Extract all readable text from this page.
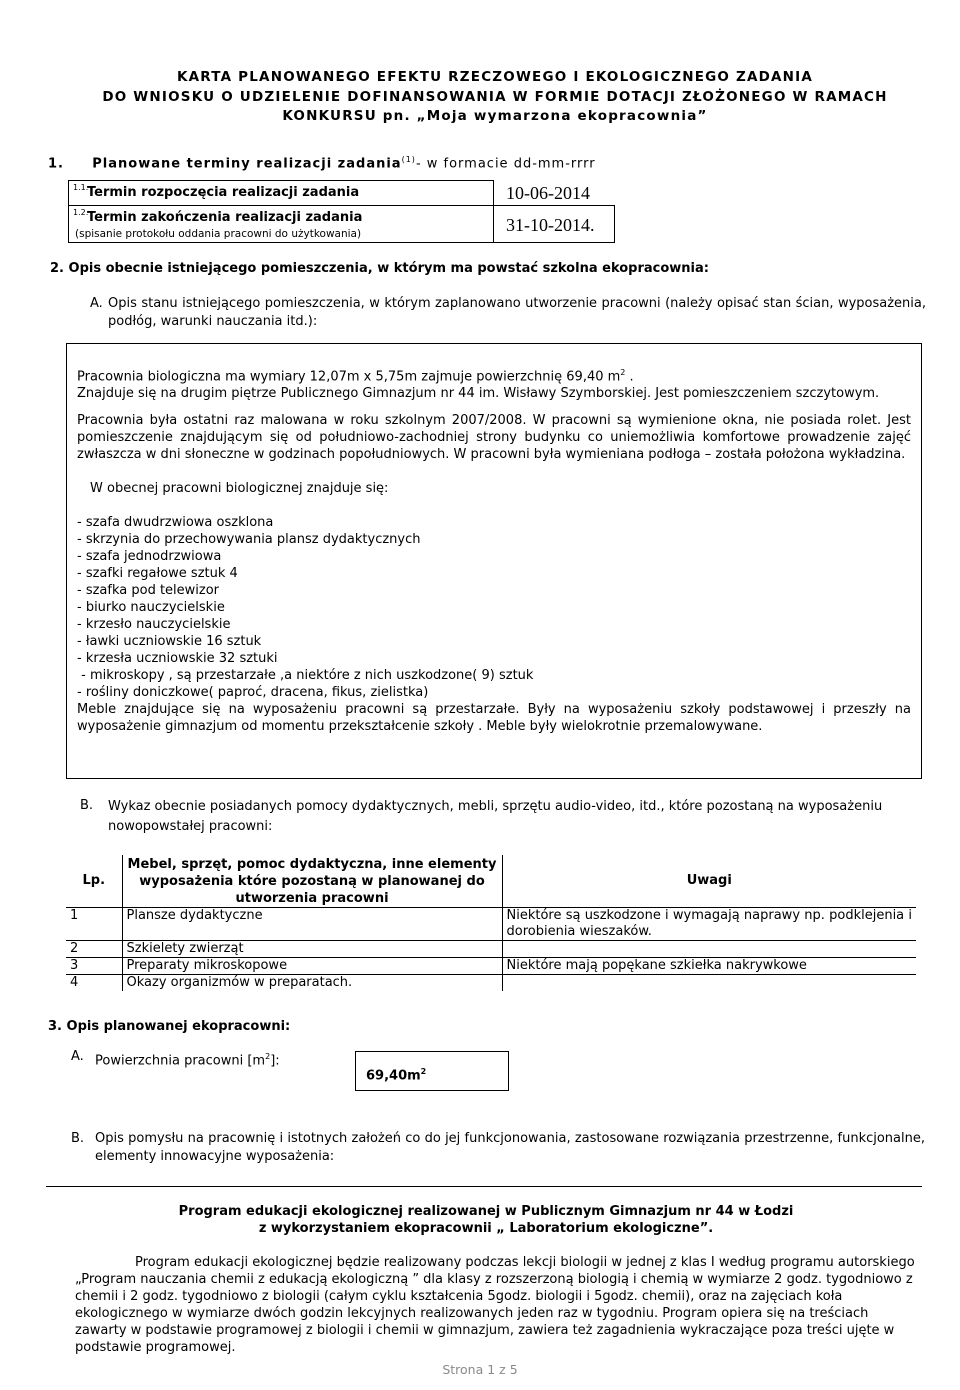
KARTA PLANOWANEGO EFEKTU RZECZOWEGO I EKOLOGICZNEGO ZADANIA
DO WNIOSKU O UDZIELENIE DOFINANSOWANIA W FORMIE DOTACJI ZŁOŻONEGO W RAMACH
KONKURSU pn. „Moja wymarzona ekopracownia”
1. Planowane terminy realizacji zadania$^{(1)}$- w formacie dd-mm-rrrr
1.1.
Termin rozpoczęcia realizacji zadania	10-06-2014
1.2.
Termin zakończenia realizacji zadania
(spisanie protokołu oddania pracowni do użytkowania)	31-10-2014.
2. Opis obecnie istniejącego pomieszczenia, w którym ma powstać szkolna ekopracownia:
A. Opis stanu istniejącego pomieszczenia, w którym zaplanowano utworzenie pracowni (należy opisać stan ścian, wyposażenia, podłóg, warunki nauczania itd.):
Pracownia biologiczna ma wymiary 12,07m x 5,75m zajmuje powierzchnię 69,40 $m^2$ .
Znajduje się na drugim piętrze Publicznego Gimnazjum nr 44 im. Wisławy Szymborskiej. Jest pomieszczeniem szczytowym.
Pracownia była ostatni raz malowana w roku szkolnym 2007/2008. W pracowni są wymienione okna, nie posiada rolet. Jest pomieszczenie znajdującym się od południowo-zachodniej strony budynku co uniemożliwia komfortowe prowadzenie zajęć zwłaszcza w dni słoneczne w godzinach popołudniowych. W pracowni była wymieniana podłoga – została położona wykładzina.
W obecnej pracowni biologicznej znajduje się:
- szafa dwudrzwiowa oszklona
- skrzynia do przechowywania plansz dydaktycznych
- szafa jednodrzwiowa
- szafki regałowe sztuk 4
- szafka pod telewizor
- biurko nauczycielskie
- krzesło nauczycielskie
- ławki uczniowskie 16 sztuk
- krzesła uczniowskie 32 sztuki
- mikroskopy , są przestarzałe ,a niektóre z nich uszkodzone( 9) sztuk
- rośliny doniczkowe( paproć, dracena, fikus, zielistka)
Meble znajdujące się na wyposażeniu pracowni są przestarzałe. Były na wyposażeniu szkoły podstawowej i przeszły na wyposażenie gimnazjum od momentu przekształcenie szkoły . Meble były wielokrotnie przemalowywane.
B. Wykaz obecnie posiadanych pomocy dydaktycznych, mebli, sprzętu audio-video, itd., które pozostaną na wyposażeniu nowopowstałej pracowni:
Lp.	Mebel, sprzęt, pomoc dydaktyczna, inne elementy wyposażenia które pozostaną w planowanej do utworzenia pracowni	Uwagi
1	Plansze dydaktyczne	Niektóre są uszkodzone i wymagają naprawy np. podklejenia i dorobienia wieszaków.
2	Szkielety zwierząt	
3	Preparaty mikroskopowe	Niektóre mają popękane szkiełka nakrywkowe
4	Okazy organizmów w preparatach.	
3. Opis planowanej ekopracowni:
A. Powierzchnia pracowni $[m^2]$:
$69,40m^2$
B. Opis pomysłu na pracownię i istotnych założeń co do jej funkcjonowania, zastosowane rozwiązania przestrzenne, funkcjonalne, elementy innowacyjne wyposażenia:
Program edukacji ekologicznej realizowanej w Publicznym Gimnazjum nr 44 w Łodzi
z wykorzystaniem ekopracownii „ Laboratorium ekologiczne”.
Program edukacji ekologicznej będzie realizowany podczas lekcji biologii w jednej z klas I według programu autorskiego „Program nauczania chemii z edukacją ekologiczną ” dla klasy z rozszerzoną biologią i chemią w wymiarze 2 godz. tygodniowo z chemii i 2 godz. tygodniowo z biologii (całym cyklu kształcenia 5godz. biologii i 5godz. chemii), oraz na zajęciach koła ekologicznego w wymiarze dwóch godzin lekcyjnych realizowanych jeden raz w tygodniu. Program opiera się na treściach zawarty w podstawie programowej z biologii i chemii w gimnazjum, zawiera też zagadnienia wykraczające poza treści ujęte w podstawie programowej.
Strona 1 z 5
